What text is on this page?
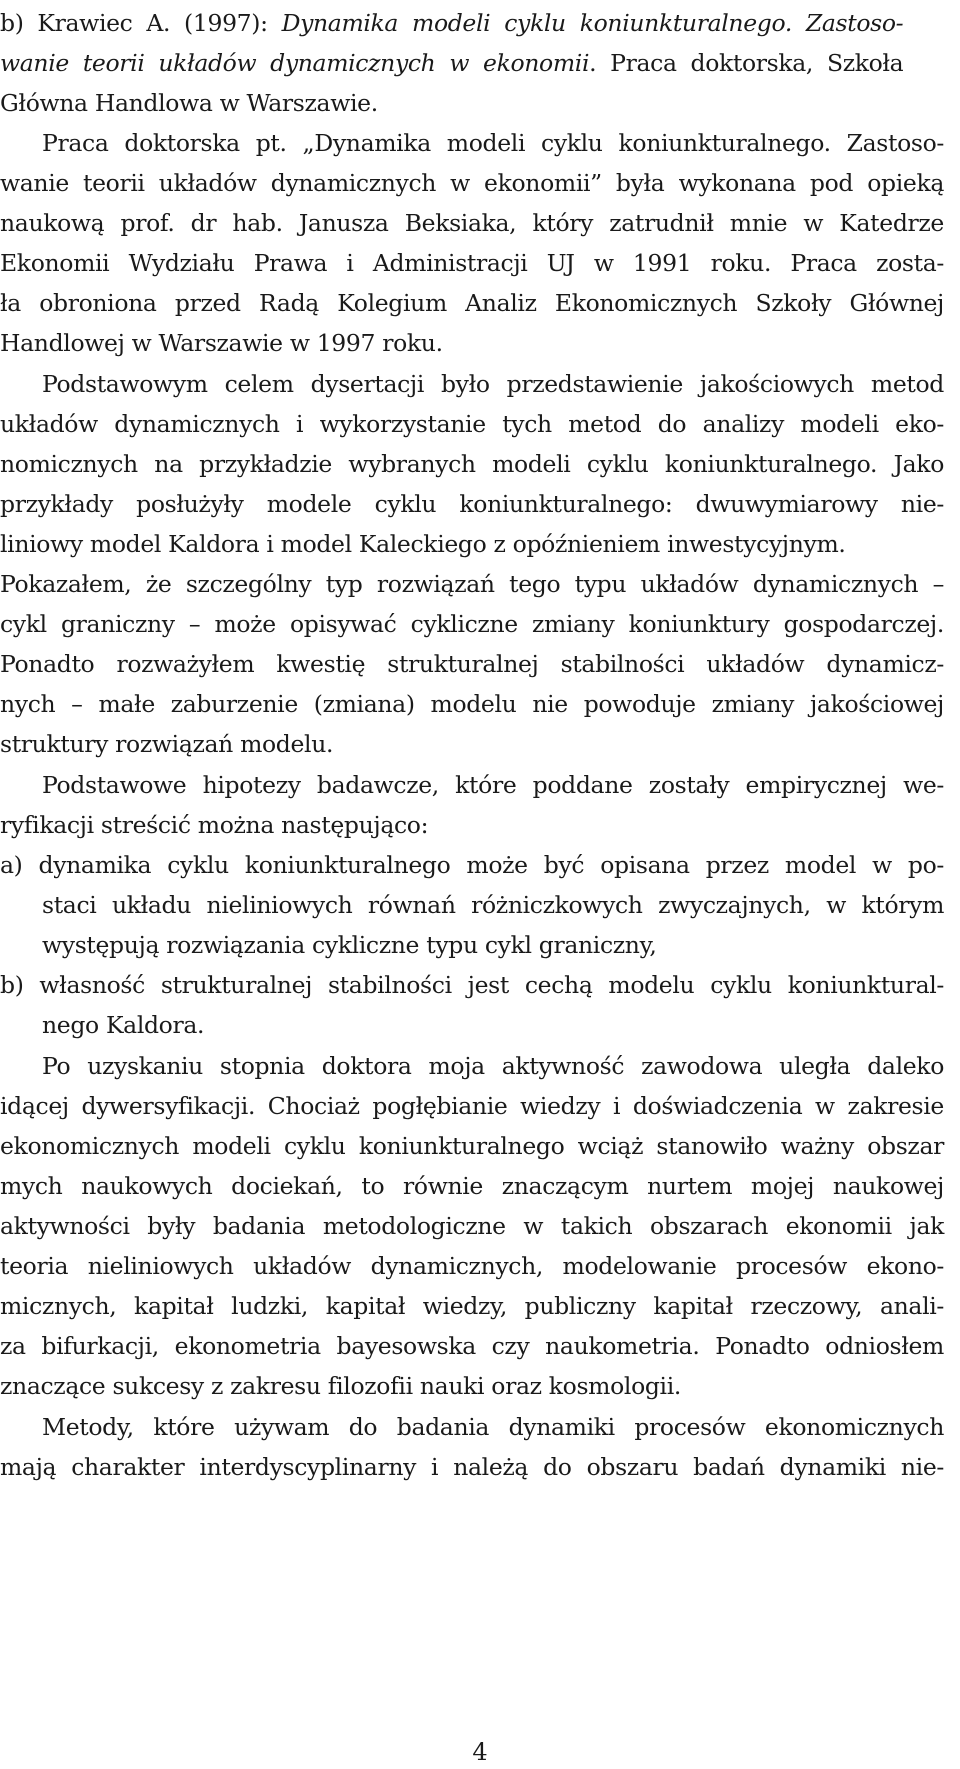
b) Krawiec A. (1997): Dynamika modeli cyklu koniunkturalnego. Zastoso-
wanie teorii układów dynamicznych w ekonomii. Praca doktorska, Szkoła
Główna Handlowa w Warszawie.
Praca doktorska pt. „Dynamika modeli cyklu koniunkturalnego. Zastoso-
wanie teorii układów dynamicznych w ekonomii” była wykonana pod opieką
naukową prof. dr hab. Janusza Beksiaka, który zatrudnił mnie w Katedrze
Ekonomii Wydziału Prawa i Administracji UJ w 1991 roku. Praca zosta-
ła obroniona przed Radą Kolegium Analiz Ekonomicznych Szkoły Głównej
Handlowej w Warszawie w 1997 roku.
Podstawowym celem dysertacji było przedstawienie jakościowych metod
układów dynamicznych i wykorzystanie tych metod do analizy modeli eko-
nomicznych na przykładzie wybranych modeli cyklu koniunkturalnego. Jako
przykłady posłużyły modele cyklu koniunkturalnego: dwuwymiarowy nie-
liniowy model Kaldora i model Kaleckiego z opóźnieniem inwestycyjnym.
Pokazałem, że szczególny typ rozwiązań tego typu układów dynamicznych –
cykl graniczny – może opisywać cykliczne zmiany koniunktury gospodarczej.
Ponadto rozważyłem kwestię strukturalnej stabilności układów dynamicz-
nych – małe zaburzenie (zmiana) modelu nie powoduje zmiany jakościowej
struktury rozwiązań modelu.
Podstawowe hipotezy badawcze, które poddane zostały empirycznej we-
ryfikacji streścić można następująco:
a) dynamika cyklu koniunkturalnego może być opisana przez model w po-
staci układu nieliniowych równań różniczkowych zwyczajnych, w którym
występują rozwiązania cykliczne typu cykl graniczny,
b) własność strukturalnej stabilności jest cechą modelu cyklu koniunktural-
nego Kaldora.
Po uzyskaniu stopnia doktora moja aktywność zawodowa uległa daleko
idącej dywersyfikacji. Chociaż pogłębianie wiedzy i doświadczenia w zakresie
ekonomicznych modeli cyklu koniunkturalnego wciąż stanowiło ważny obszar
mych naukowych dociekań, to równie znaczącym nurtem mojej naukowej
aktywności były badania metodologiczne w takich obszarach ekonomii jak
teoria nieliniowych układów dynamicznych, modelowanie procesów ekono-
micznych, kapitał ludzki, kapitał wiedzy, publiczny kapitał rzeczowy, anali-
za bifurkacji, ekonometria bayesowska czy naukometria. Ponadto odniosłem
znaczące sukcesy z zakresu filozofii nauki oraz kosmologii.
Metody, które używam do badania dynamiki procesów ekonomicznych
mają charakter interdyscyplinarny i należą do obszaru badań dynamiki nie-
4
